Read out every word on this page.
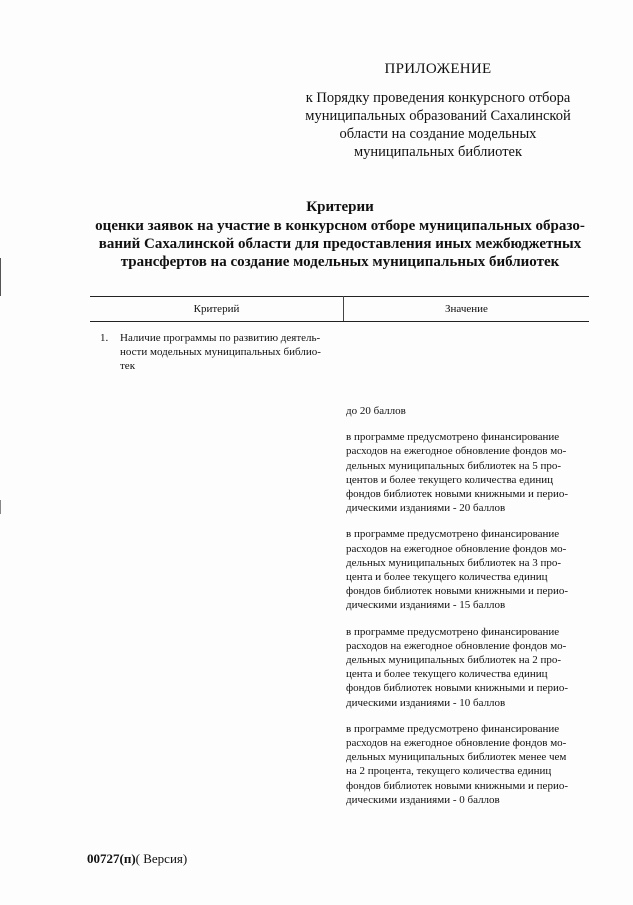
ПРИЛОЖЕНИЕ
к Порядку проведения конкурсного отбора
муниципальных образований Сахалинской
области на создание модельных
муниципальных библиотек
Критерии
оценки заявок на участие в конкурсном отборе муниципальных образо-
ваний Сахалинской области для предоставления иных межбюджетных
трансфертов на создание модельных муниципальных библиотек
Критерий	Значение
1. Наличие программы по развитию деятель-
ности модельных муниципальных библио-
тек
до 20 баллов
в программе предусмотрено финансирование
расходов на ежегодное обновление фондов мо-
дельных муниципальных библиотек на 5 про-
центов и более текущего количества единиц
фондов библиотек новыми книжными и перио-
дическими изданиями - 20 баллов
в программе предусмотрено финансирование
расходов на ежегодное обновление фондов мо-
дельных муниципальных библиотек на 3 про-
цента и более текущего количества единиц
фондов библиотек новыми книжными и перио-
дическими изданиями - 15 баллов
в программе предусмотрено финансирование
расходов на ежегодное обновление фондов мо-
дельных муниципальных библиотек на 2 про-
цента и более текущего количества единиц
фондов библиотек новыми книжными и перио-
дическими изданиями - 10 баллов
в программе предусмотрено финансирование
расходов на ежегодное обновление фондов мо-
дельных муниципальных библиотек менее чем
на 2 процента, текущего количества единиц
фондов библиотек новыми книжными и перио-
дическими изданиями - 0 баллов
00727(п)( Версия)
